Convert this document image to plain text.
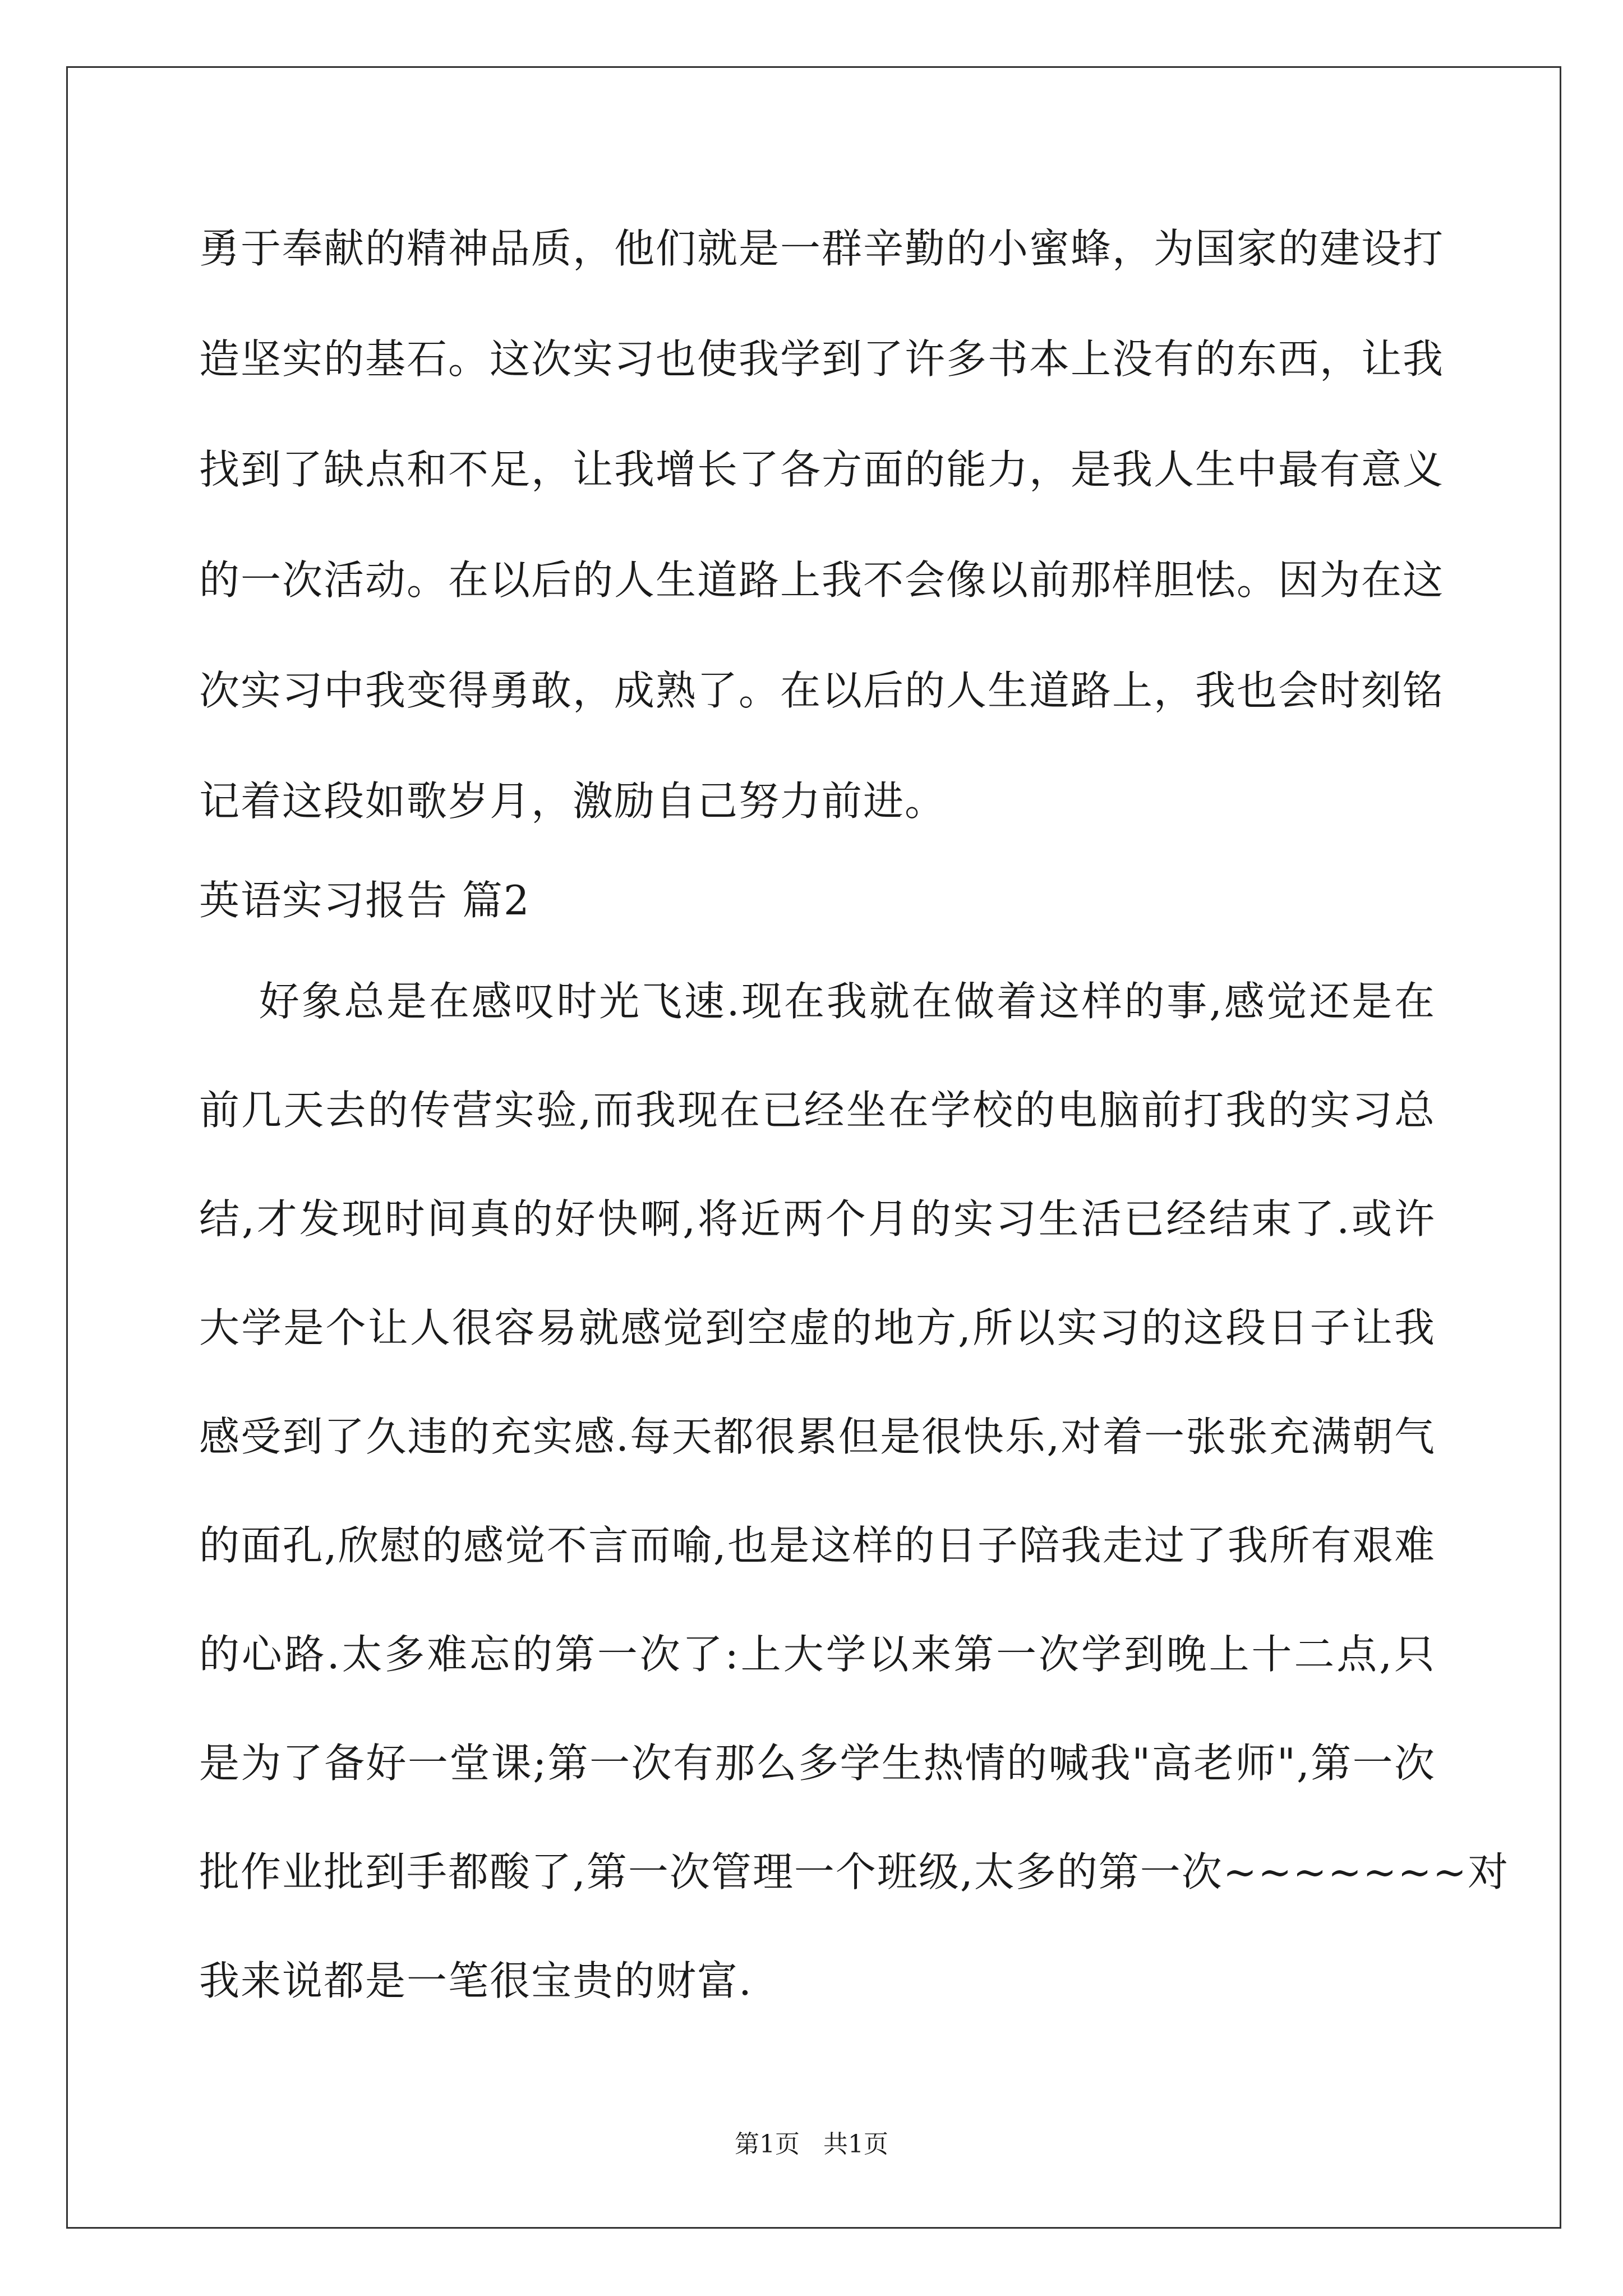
勇于奉献的精神品质，他们就是一群辛勤的小蜜蜂，为国家的建设打
造坚实的基石。这次实习也使我学到了许多书本上没有的东西，让我
找到了缺点和不足，让我增长了各方面的能力，是我人生中最有意义
的一次活动。在以后的人生道路上我不会像以前那样胆怯。因为在这
次实习中我变得勇敢，成熟了。在以后的人生道路上，我也会时刻铭
记着这段如歌岁月，激励自己努力前进。
英语实习报告 篇2
好象总是在感叹时光飞速.现在我就在做着这样的事,感觉还是在
前几天去的传营实验,而我现在已经坐在学校的电脑前打我的实习总
结,才发现时间真的好快啊,将近两个月的实习生活已经结束了.或许
大学是个让人很容易就感觉到空虚的地方,所以实习的这段日子让我
感受到了久违的充实感.每天都很累但是很快乐,对着一张张充满朝气
的面孔,欣慰的感觉不言而喻,也是这样的日子陪我走过了我所有艰难
的心路.太多难忘的第一次了:上大学以来第一次学到晚上十二点,只
是为了备好一堂课;第一次有那么多学生热情的喊我"高老师",第一次
批作业批到手都酸了,第一次管理一个班级,太多的第一次~~~~~~~对
我来说都是一笔很宝贵的财富.
第1页   共1页
